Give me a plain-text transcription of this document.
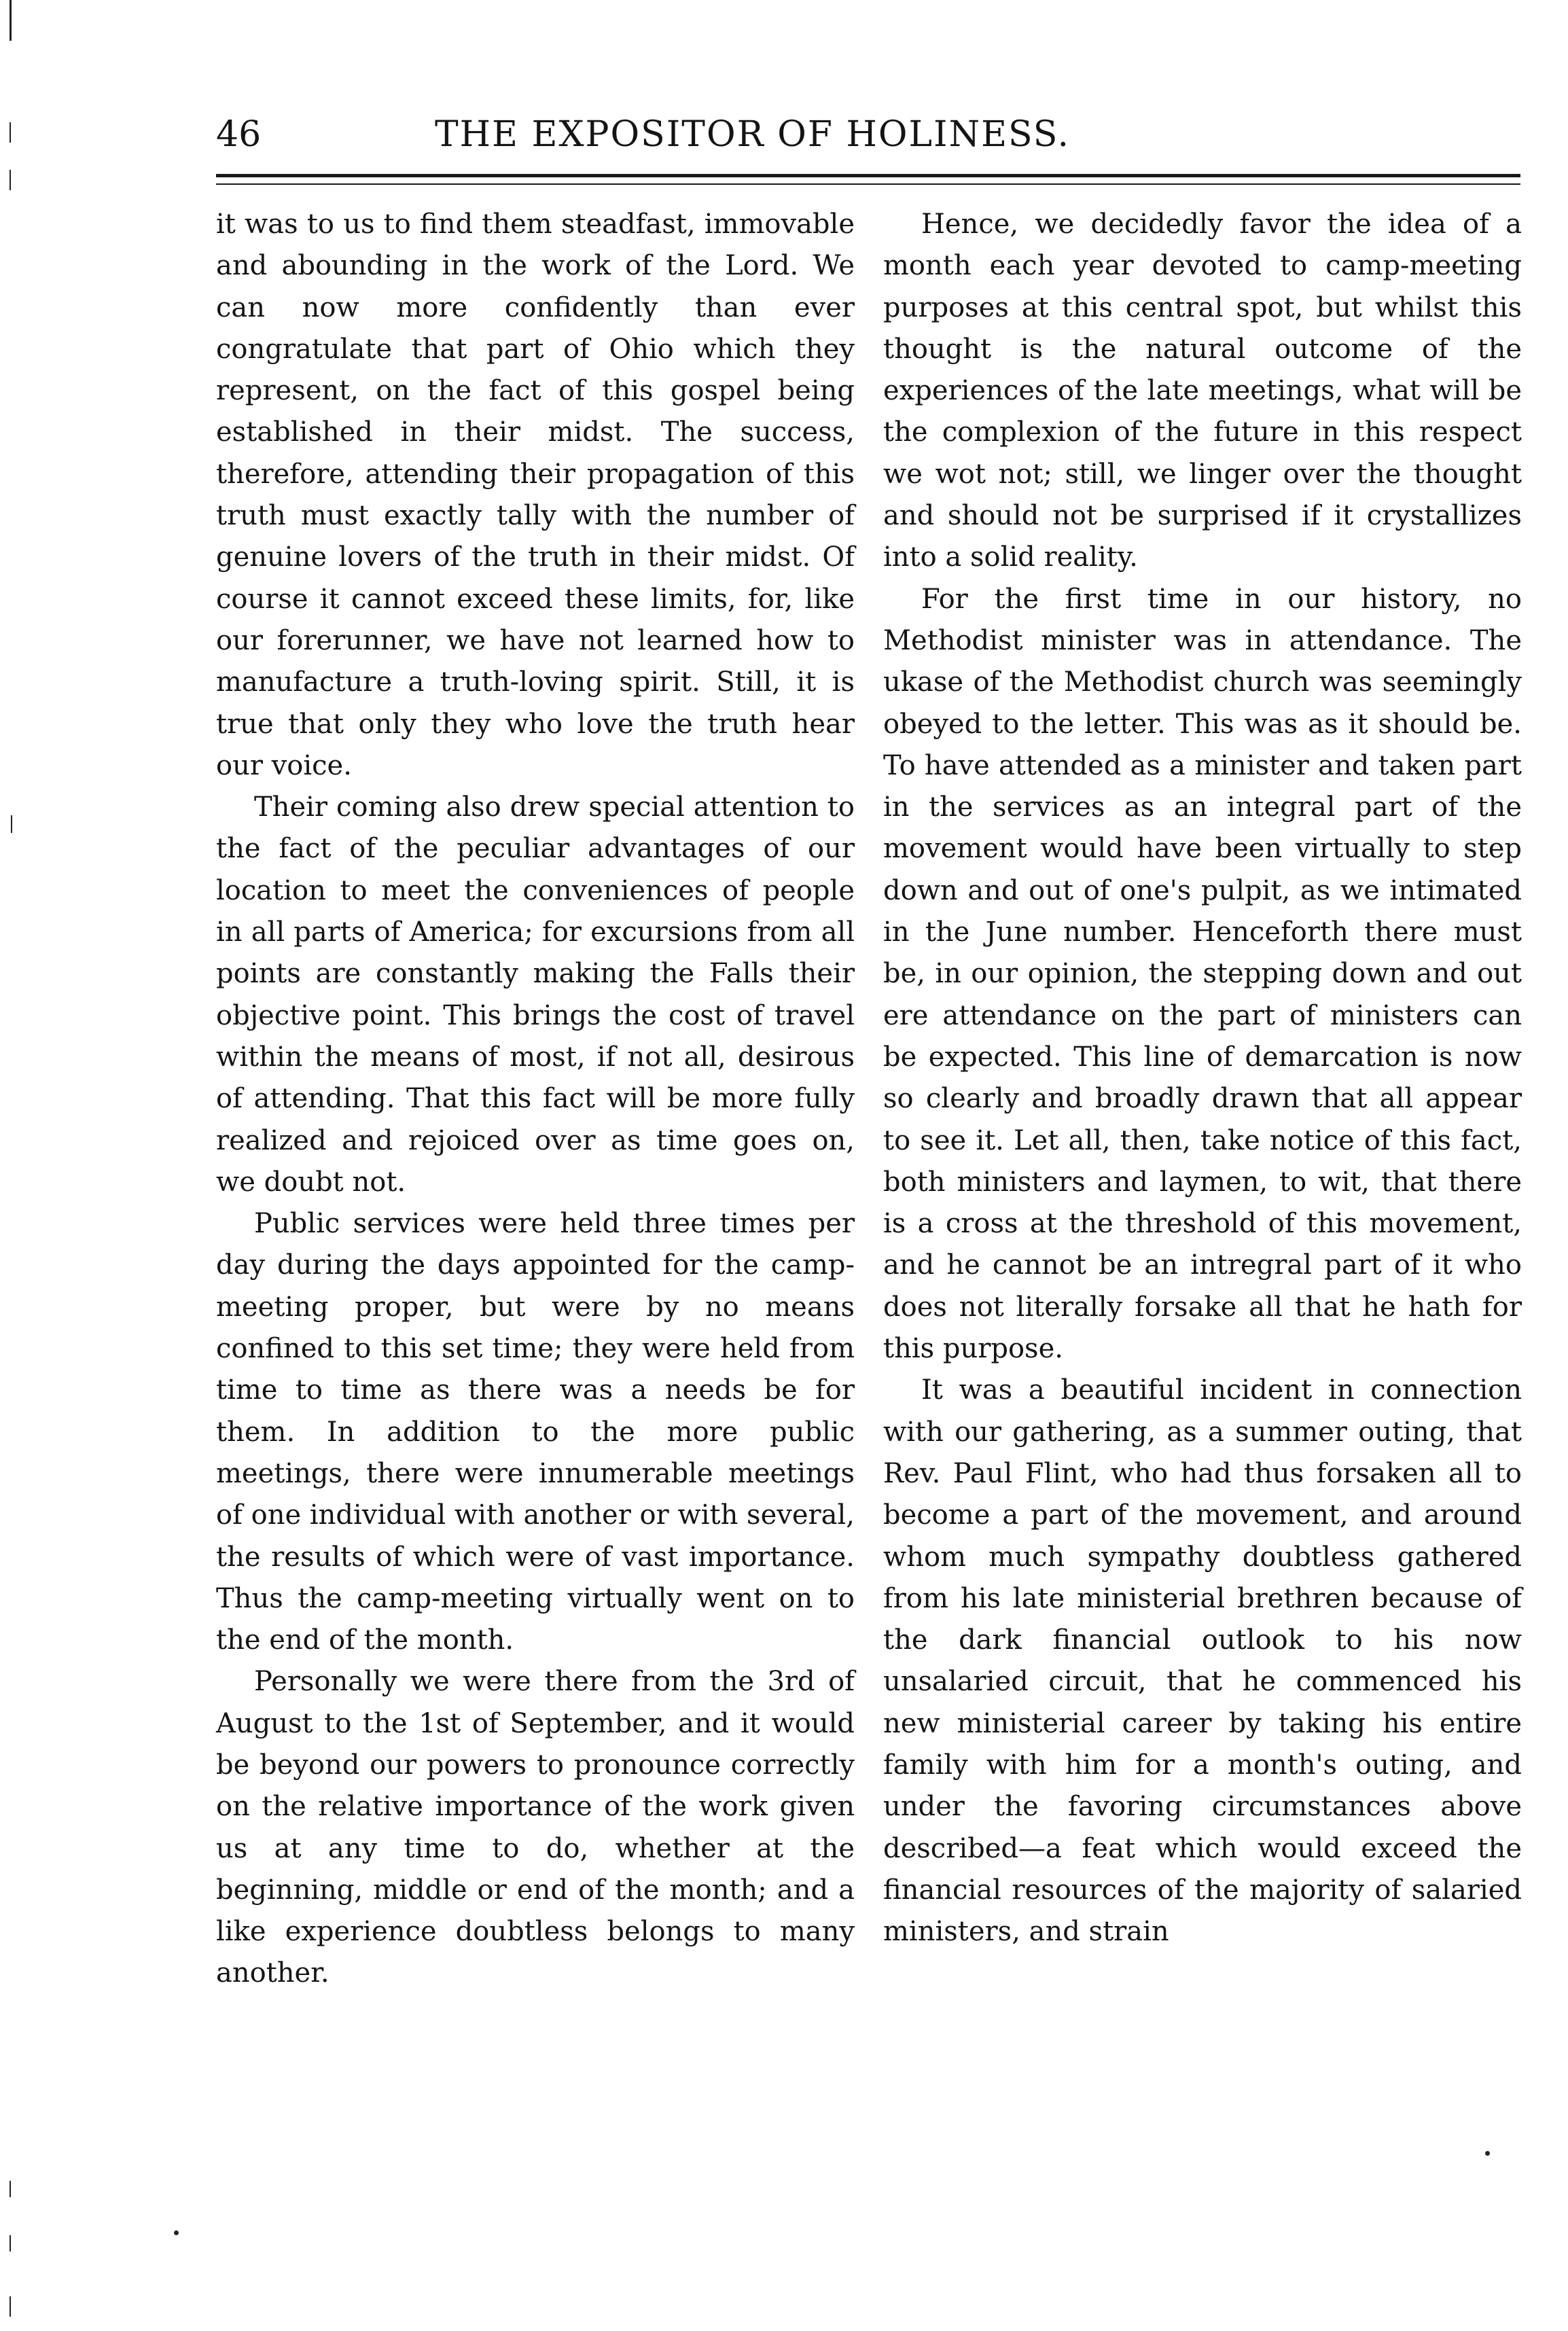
46	THE EXPOSITOR OF HOLINESS.

it was to us to find them steadfast, immovable and abounding in the work of the Lord. We can now more confidently than ever congratulate that part of Ohio which they represent, on the fact of this gospel being established in their midst. The success, therefore, attending their propagation of this truth must exactly tally with the number of genuine lovers of the truth in their midst. Of course it cannot exceed these limits, for, like our forerunner, we have not learned how to manufacture a truth-loving spirit. Still, it is true that only they who love the truth hear our voice.

Their coming also drew special attention to the fact of the peculiar advantages of our location to meet the conveniences of people in all parts of America; for excursions from all points are constantly making the Falls their objective point. This brings the cost of travel within the means of most, if not all, desirous of attending. That this fact will be more fully realized and rejoiced over as time goes on, we doubt not.

Public services were held three times per day during the days appointed for the camp-meeting proper, but were by no means confined to this set time; they were held from time to time as there was a needs be for them. In addition to the more public meetings, there were innumerable meetings of one individual with another or with several, the results of which were of vast importance. Thus the camp-meeting virtually went on to the end of the month.

Personally we were there from the 3rd of August to the 1st of September, and it would be beyond our powers to pronounce correctly on the relative importance of the work given us at any time to do, whether at the beginning, middle or end of the month; and a like experience doubtless belongs to many another.

Hence, we decidedly favor the idea of a month each year devoted to camp-meeting purposes at this central spot, but whilst this thought is the natural outcome of the experiences of the late meetings, what will be the complexion of the future in this respect we wot not; still, we linger over the thought and should not be surprised if it crystallizes into a solid reality.

For the first time in our history, no Methodist minister was in attendance. The ukase of the Methodist church was seemingly obeyed to the letter. This was as it should be. To have attended as a minister and taken part in the services as an integral part of the movement would have been virtually to step down and out of one's pulpit, as we intimated in the June number. Henceforth there must be, in our opinion, the stepping down and out ere attendance on the part of ministers can be expected. This line of demarcation is now so clearly and broadly drawn that all appear to see it. Let all, then, take notice of this fact, both ministers and laymen, to wit, that there is a cross at the threshold of this movement, and he cannot be an intregral part of it who does not literally forsake all that he hath for this purpose.

It was a beautiful incident in connection with our gathering, as a summer outing, that Rev. Paul Flint, who had thus forsaken all to become a part of the movement, and around whom much sympathy doubtless gathered from his late ministerial brethren because of the dark financial outlook to his now unsalaried circuit, that he commenced his new ministerial career by taking his entire family with him for a month's outing, and under the favoring circumstances above described—a feat which would exceed the financial resources of the majority of salaried ministers, and strain
